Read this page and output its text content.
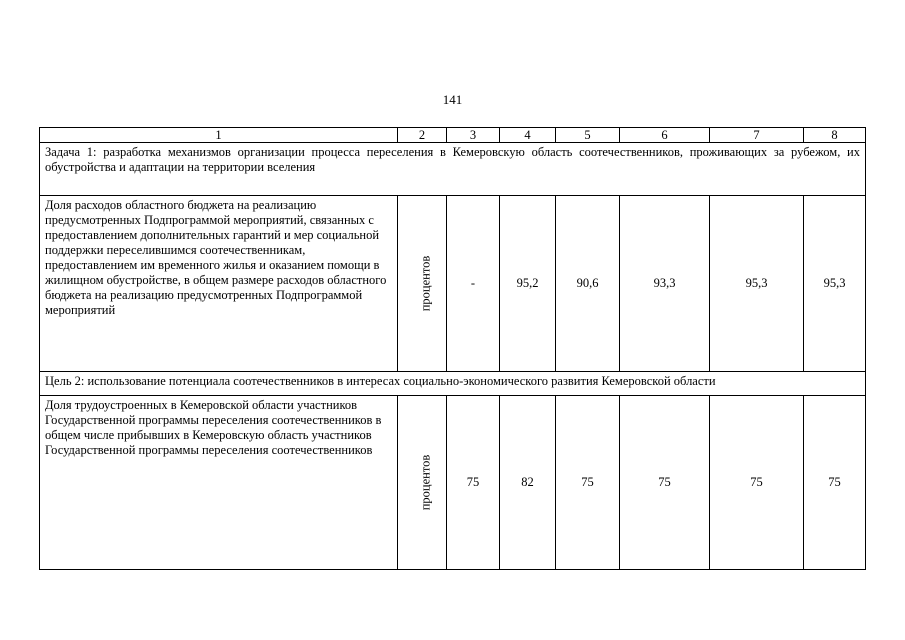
141
1	2	3	4	5	6	7	8
Задача 1: разработка механизмов организации процесса переселения в Кемеровскую область соотечественников, проживающих за рубежом, их обустройства и адаптации на территории вселения							
Доля расходов областного бюджета на реализацию предусмотренных Подпрограммой мероприятий, связанных с предоставлением дополнительных гарантий и мер социальной поддержки переселившимся соотечественникам, предоставлением им временного жилья и оказанием помощи в жилищном обустройстве, в общем размере расходов областного бюджета на реализацию предусмотренных Подпрограммой мероприятий	процентов	-	95,2	90,6	93,3	95,3	95,3
Цель 2: использование потенциала соотечественников в интересах социально-экономического развития Кемеровской области							
Доля трудоустроенных в Кемеровской области участников Государственной программы переселения соотечественников в общем числе прибывших в Кемеровскую область участников Государственной программы переселения соотечественников	процентов	75	82	75	75	75	75
